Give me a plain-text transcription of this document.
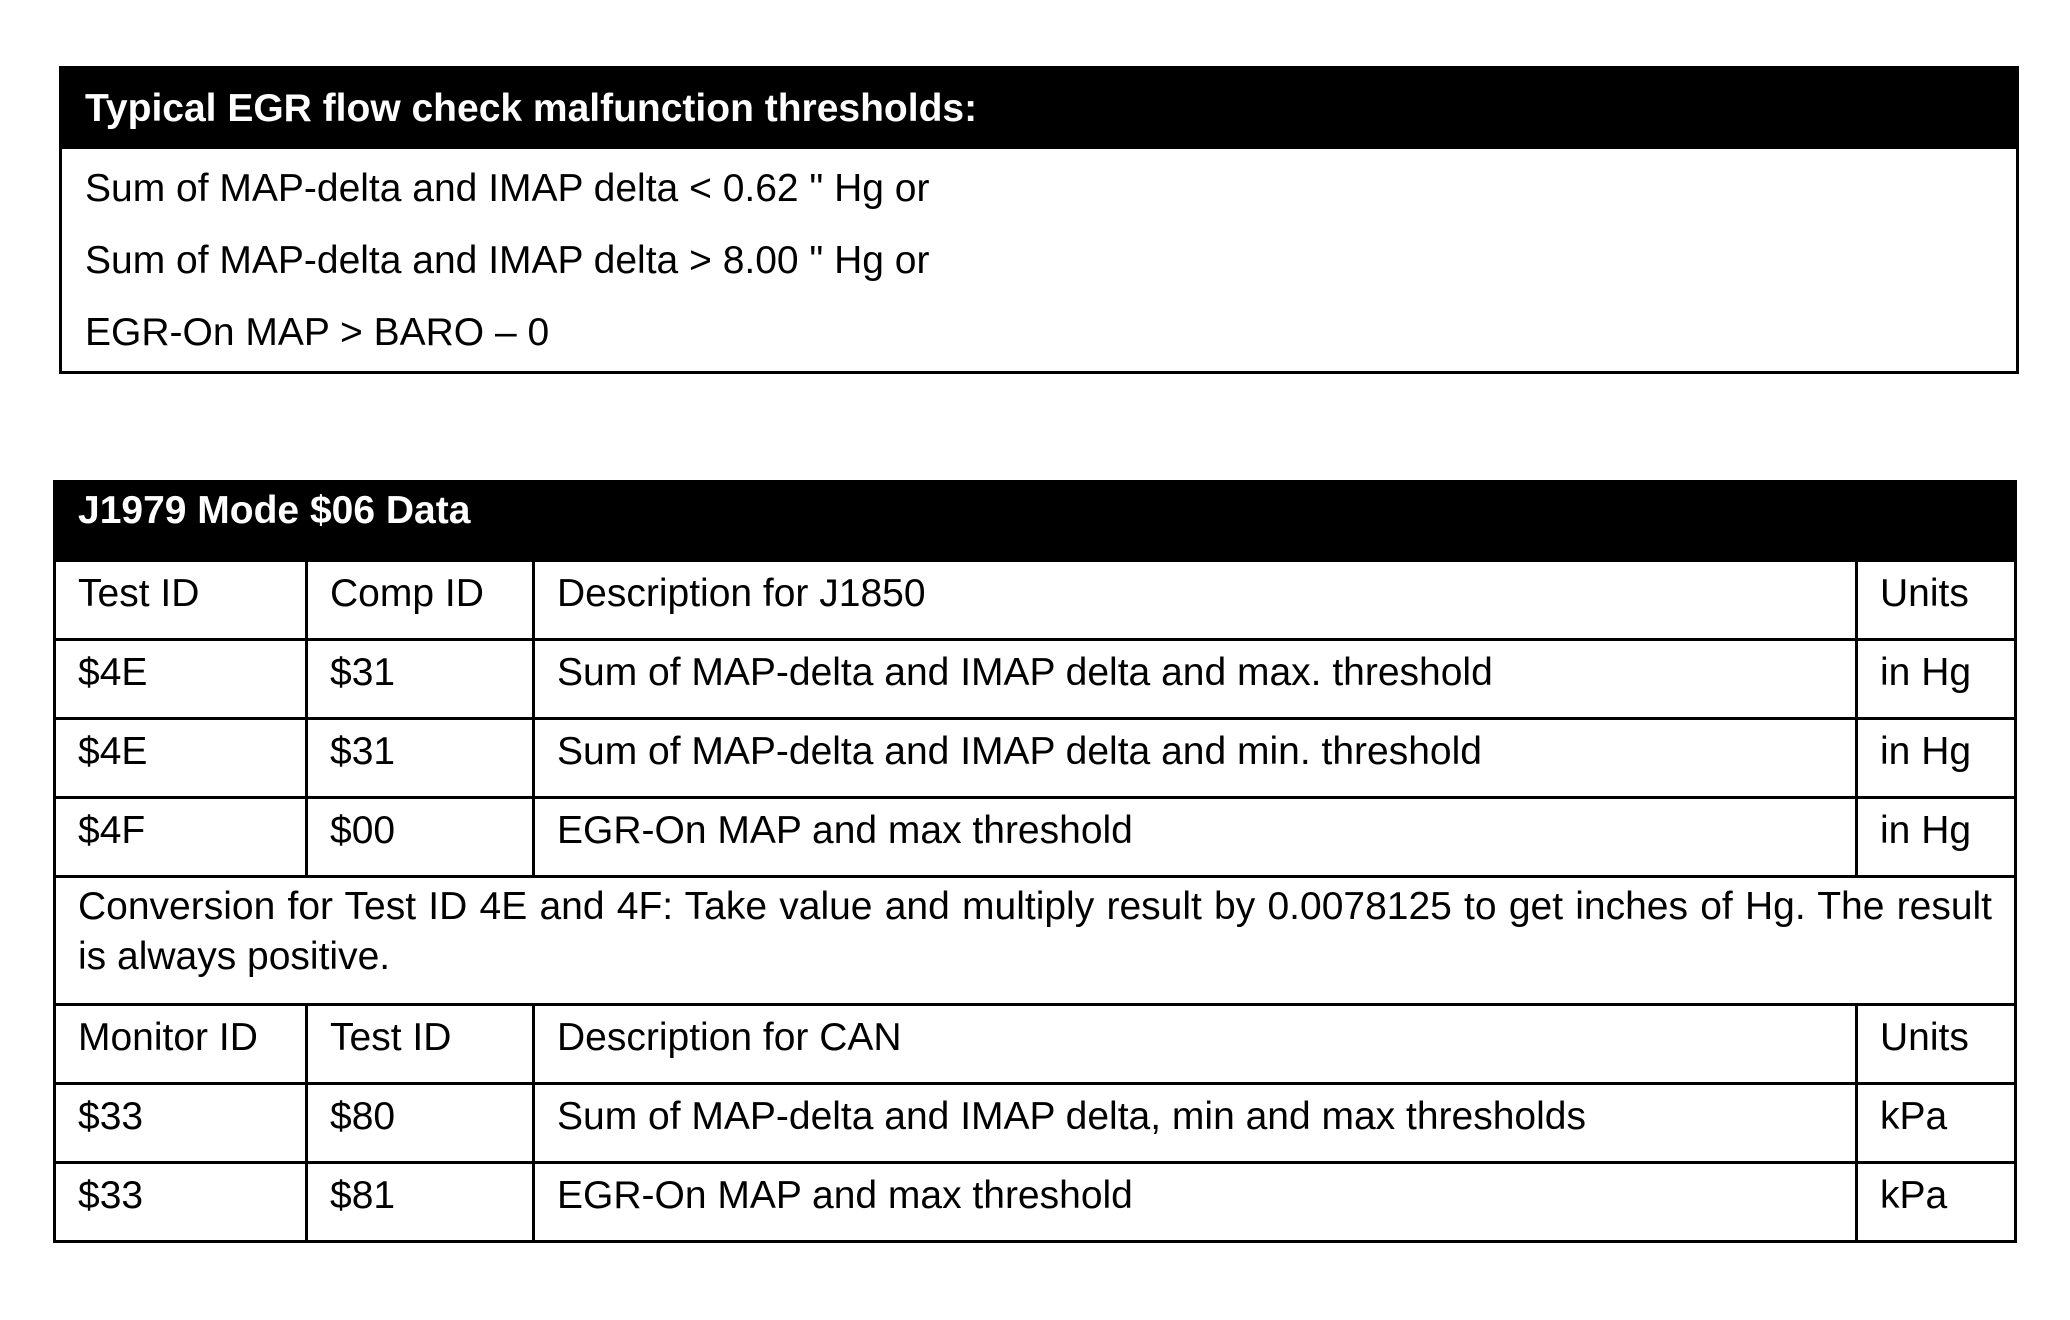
Typical EGR flow check malfunction thresholds:
Sum of MAP-delta and IMAP delta < 0.62 " Hg or
Sum of MAP-delta and IMAP delta > 8.00 " Hg or
EGR-On MAP > BARO – 0
J1979 Mode $06 Data			
Test ID	Comp ID	Description for J1850	Units
$4E	$31	Sum of MAP-delta and IMAP delta and max. threshold	in Hg
$4E	$31	Sum of MAP-delta and IMAP delta and min. threshold	in Hg
$4F	$00	EGR-On MAP and max threshold	in Hg
Conversion for Test ID 4E and 4F: Take value and multiply result by 0.0078125 to get inches of Hg. The result is always positive.			
Monitor ID	Test ID	Description for CAN	Units
$33	$80	Sum of MAP-delta and IMAP delta, min and max thresholds	kPa
$33	$81	EGR-On MAP and max threshold	kPa
